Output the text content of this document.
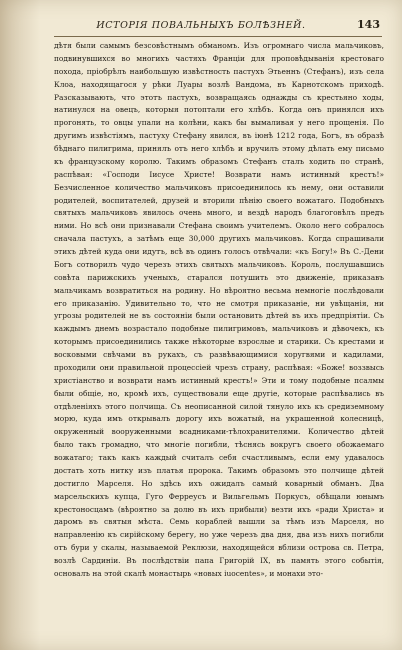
ИСТОРІЯ ПОВАЛЬНЫХЪ БОЛѢЗНЕЙ.	143

дѣтя были самымъ безсовѣстнымъ обманомъ. Изъ огромнаго числа мальчиковъ, подвинувшихся во многихъ частяхъ Франціи для проповѣдыванія крестоваго похода, пріобрѣлъ наибольшую извѣстность пастухъ Этьеннъ (Стефанъ), изъ села Клоа, находящагося у рѣки Луары возлѣ Вандома, въ Карнотскомъ приходѣ. Разсказывають, что этотъ пастухъ, возвращаясь однажды съ крестьяно ходы, натинулся на овецъ, которыя потоптали его хлѣбъ. Когда онъ принялся ихъ прогонять, то овцы упали на колѣни, какъ бы вымаливая у него прощенія. По другимъ извѣстіямъ, пастуху Стефану явился, въ іюнѣ 1212 года, Богъ, въ образѣ бѣднаго пилигрима, принялъ отъ него хлѣбъ и вручилъ этому дѣлать ему письмо къ французскому королю. Такимъ образомъ Стефанъ сталъ ходить по странѣ, распѣвая: «Господи Іисусе Христе! Возврати намъ истинный крестъ!» Безчисленное количество мальчиковъ присоединилось къ нему, они оставили родителей, воспитателей, друзей и вторили пѣнію своего вожатаго. Подобныхъ святыхъ мальчиковъ явилось очень много, и вездѣ народъ благоговѣлъ предъ ними. Но всѣ они признавали Стефана своимъ учителемъ. Около него собралось сначала пастухъ, а затѣмъ еще 30,000 другихъ мальчиковъ. Когда спрашивали этихъ дѣтей куда они идутъ, всѣ въ одинъ голосъ отвѣчали: «къ Богу!» Въ С.-Дени Богъ сотворилъ чудо черезъ этихъ святыхъ мальчиковъ. Король, послушавшись совѣта парижскихъ ученыхъ, старался потушить это движеніе, приказавъ мальчикамъ возвратиться на родину. Но вѣроятно весьма немногіе послѣдовали его приказанію. Удивительно то, что не смотря приказаніе, ни увѣщанія, ни угрозы родителей не въ состояніи были остановить дѣтей въ ихъ предпріятіи. Съ каждымъ днемъ возрастало подобные пилигримовъ, мальчиковъ и дѣвочекъ, къ которымъ присоединились также нѣкоторые взрослые и старики. Съ крестами и восковыми свѣчами въ рукахъ, съ развѣвающимися хоругвями и кадилами, проходили они правильной процессіей чрезъ страну, распѣвая: «Боже! воззвысь христіанство и возврати намъ истинный крестъ!» Эти и тому подобные псалмы были общіе, но, кромѣ ихъ, существовали еще другіе, которые распѣвались въ отдѣленіяхъ этого полчища. Съ неописанной силой тянуло ихъ къ средиземному морю, куда имъ открывалъ дорогу ихъ вожатый, на украшенной колесницѣ, окруженный вооруженными всадниками-тѣлохранителями. Количество дѣтей было такъ громадно, что многіе погибли, тѣснясь вокругъ своего обожаемаго вожатаго; такъ какъ каждый считалъ себя счастливымъ, если ему удавалось достать хоть нитку изъ платья пророка. Такимъ образомъ это полчище дѣтей достигло Марселя. Но здѣсь ихъ ожидалъ самый коварный обманъ. Два марсельскихъ купца, Гуго Ферреусъ и Вильгельмъ Поркусъ, обѣщали юнымъ крестоносцамъ (вѣроятно за долю въ ихъ прибыли) везти ихъ «ради Христа» и даромъ въ святыя мѣста. Семь кораблей вышли за тѣмъ изъ Марселя, но направленію къ сирійскому берегу, но уже черезъ два дня, два изъ нихъ погибли отъ бури у скалы, называемой Реклюзи, находящейся вблизи острова св. Петра, возлѣ Сардиніи. Въ послѣдствіи папа Григорій IX, въ память этого событія, основалъ на этой скалѣ монастырь «новых iuocentes», и монахи это-
